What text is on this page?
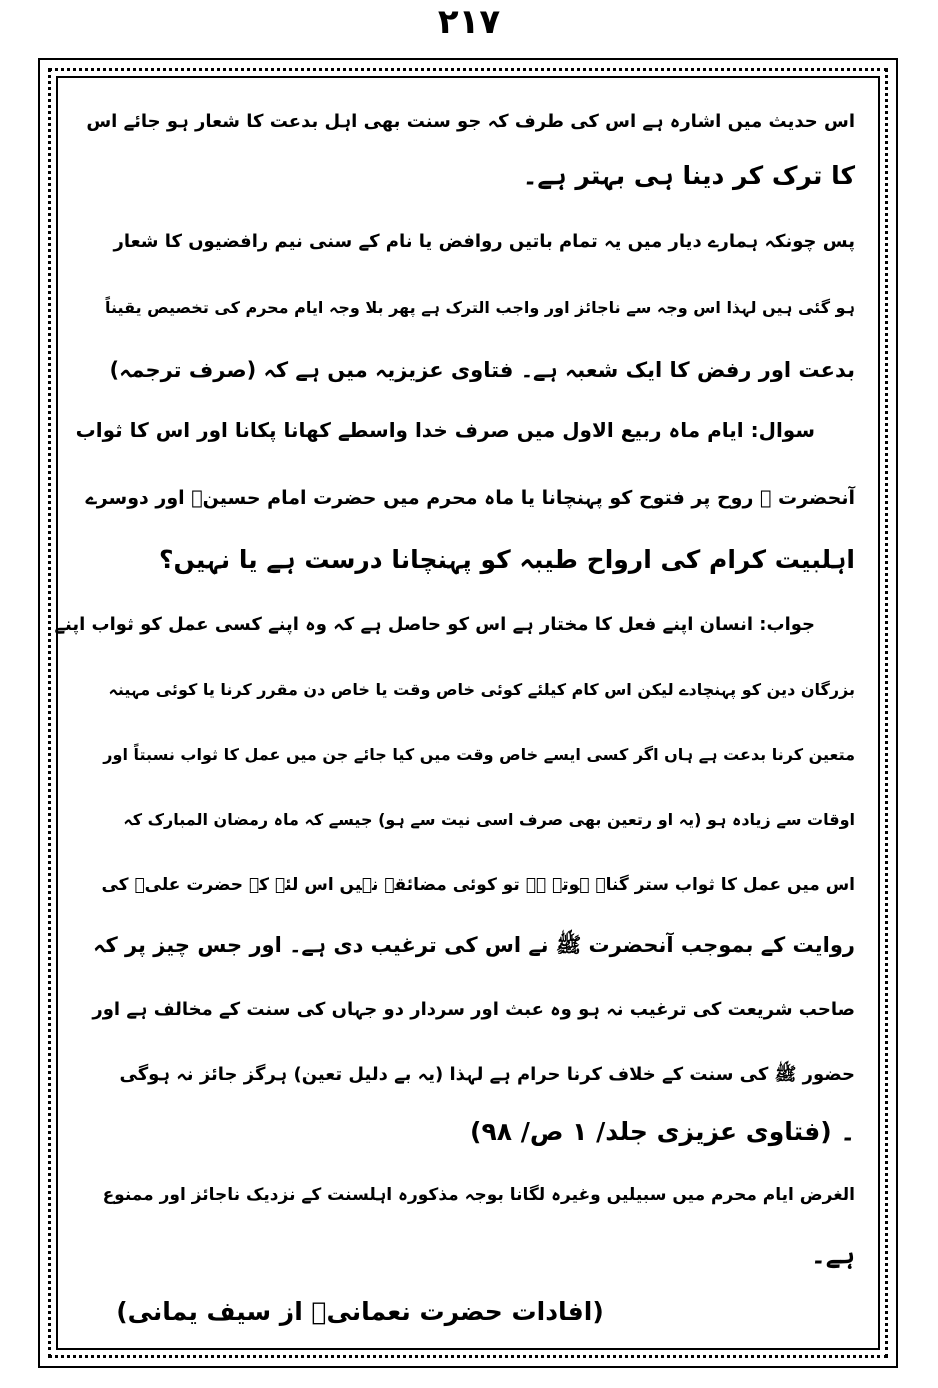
۲۱۷
اس حدیث میں اشارہ ہے اس کی طرف کہ جو سنت بھی اہل بدعت کا شعار ہو جائے اس
کا ترک کر دینا ہی بہتر ہے۔
پس چونکہ ہمارے دیار میں یہ تمام باتیں روافض یا نام کے سنی نیم رافضیوں کا شعار
ہو گئی ہیں لہذا اس وجہ سے ناجائز اور واجب الترک ہے پھر بلا وجہ ایام محرم کی تخصیص یقیناً
بدعت اور رفض کا ایک شعبہ ہے۔ فتاوی عزیزیہ میں ہے کہ (صرف ترجمہ)
سوال: ایام ماہ ربیع الاول میں صرف خدا واسطے کھانا پکانا اور اس کا ثواب
آنحضرت ﷺ روح پر فتوح کو پہنچانا یا ماہ محرم میں حضرت امام حسینؓ اور دوسرے
اہلبیت کرام کی ارواح طیبہ کو پہنچانا درست ہے یا نہیں؟
جواب: انسان اپنے فعل کا مختار ہے اس کو حاصل ہے کہ وہ اپنے کسی عمل کو ثواب اپنے
بزرگان دین کو پہنچادے لیکن اس کام کیلئے کوئی خاص وقت یا خاص دن مقرر کرنا یا کوئی مہینہ
متعین کرنا بدعت ہے ہاں اگر کسی ایسے خاص وقت میں کیا جائے جن میں عمل کا ثواب نسبتاً اور
اوقات سے زیادہ ہو (یہ او رتعین بھی صرف اسی نیت سے ہو) جیسے کہ ماہ رمضان المبارک کہ
اس میں عمل کا ثواب ستر گناہ ہوتے ہے تو کوئی مضائقہ نہیں اس لئے کہ حضرت علیؓ کی
روایت کے بموجب آنحضرت ﷺ نے اس کی ترغیب دی ہے۔ اور جس چیز پر کہ
صاحب شریعت کی ترغیب نہ ہو وہ عبث اور سردار دو جہاں کی سنت کے مخالف ہے اور
حضور ﷺ کی سنت کے خلاف کرنا حرام ہے لہذا (یہ بے دلیل تعین) ہرگز جائز نہ ہوگی
۔ (فتاوی عزیزی جلد/ ۱ ص/ ۹۸)
الغرض ایام محرم میں سبیلیں وغیرہ لگانا بوجہ مذکورہ اہلسنت کے نزدیک ناجائز اور ممنوع
ہے۔
(افادات حضرت نعمانیؒ از سیف یمانی)
